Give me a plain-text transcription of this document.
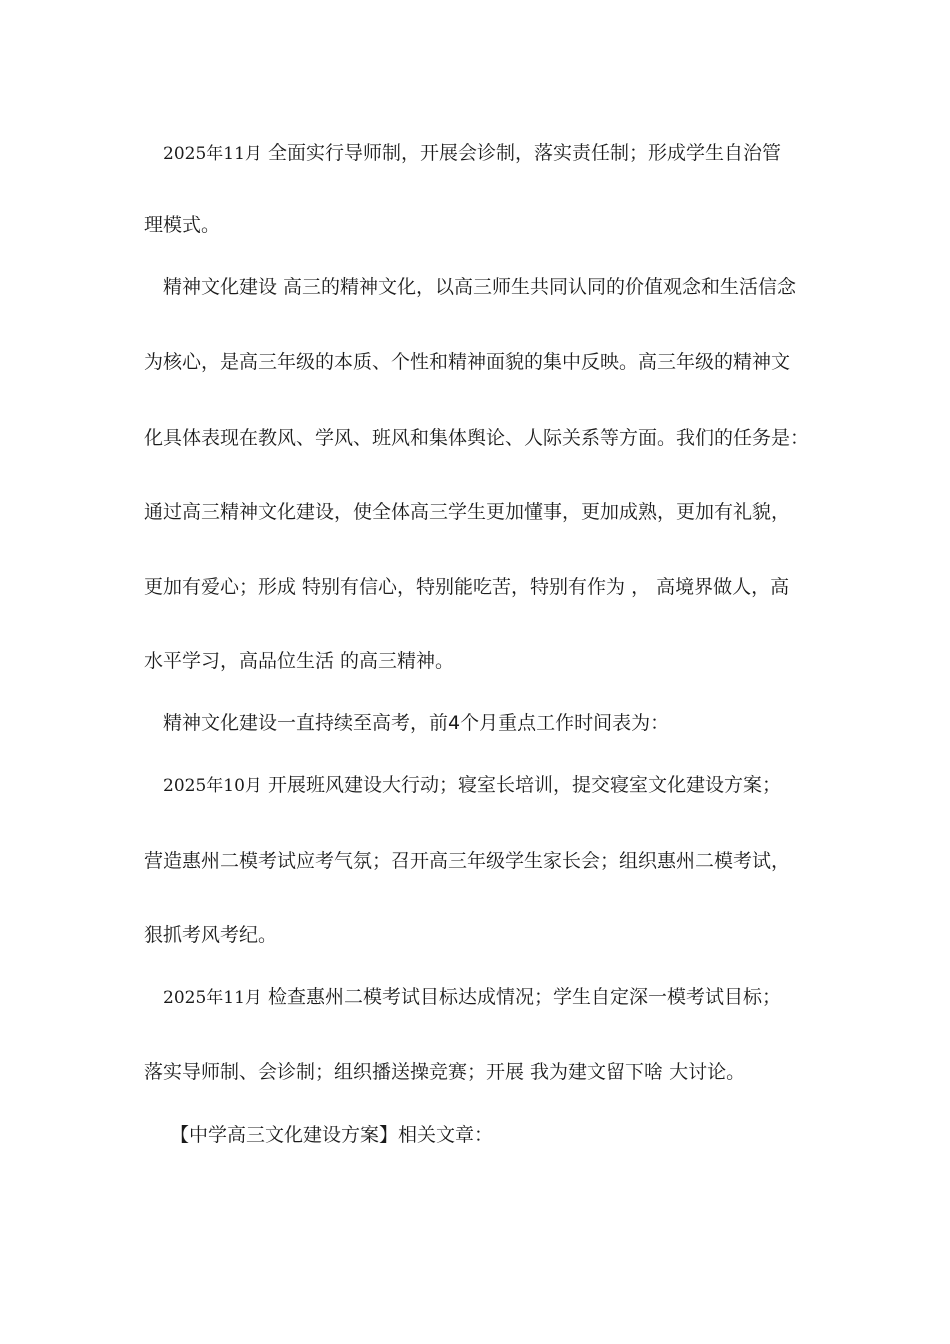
2025年11月 全面实行导师制，开展会诊制，落实责任制；形成学生自治管
理模式。
精神文化建设 高三的精神文化，以高三师生共同认同的价值观念和生活信念
为核心，是高三年级的本质、个性和精神面貌的集中反映。高三年级的精神文
化具体表现在教风、学风、班风和集体舆论、人际关系等方面。我们的任务是：
通过高三精神文化建设，使全体高三学生更加懂事，更加成熟，更加有礼貌，
更加有爱心；形成 特别有信心，特别能吃苦，特别有作为 ， 高境界做人，高
水平学习，高品位生活 的高三精神。
精神文化建设一直持续至高考，前4个月重点工作时间表为：
2025年10月 开展班风建设大行动；寝室长培训，提交寝室文化建设方案；
营造惠州二模考试应考气氛；召开高三年级学生家长会；组织惠州二模考试，
狠抓考风考纪。
2025年11月 检查惠州二模考试目标达成情况；学生自定深一模考试目标；
落实导师制、会诊制；组织播送操竞赛；开展 我为建文留下啥 大讨论。
【中学高三文化建设方案】相关文章：
